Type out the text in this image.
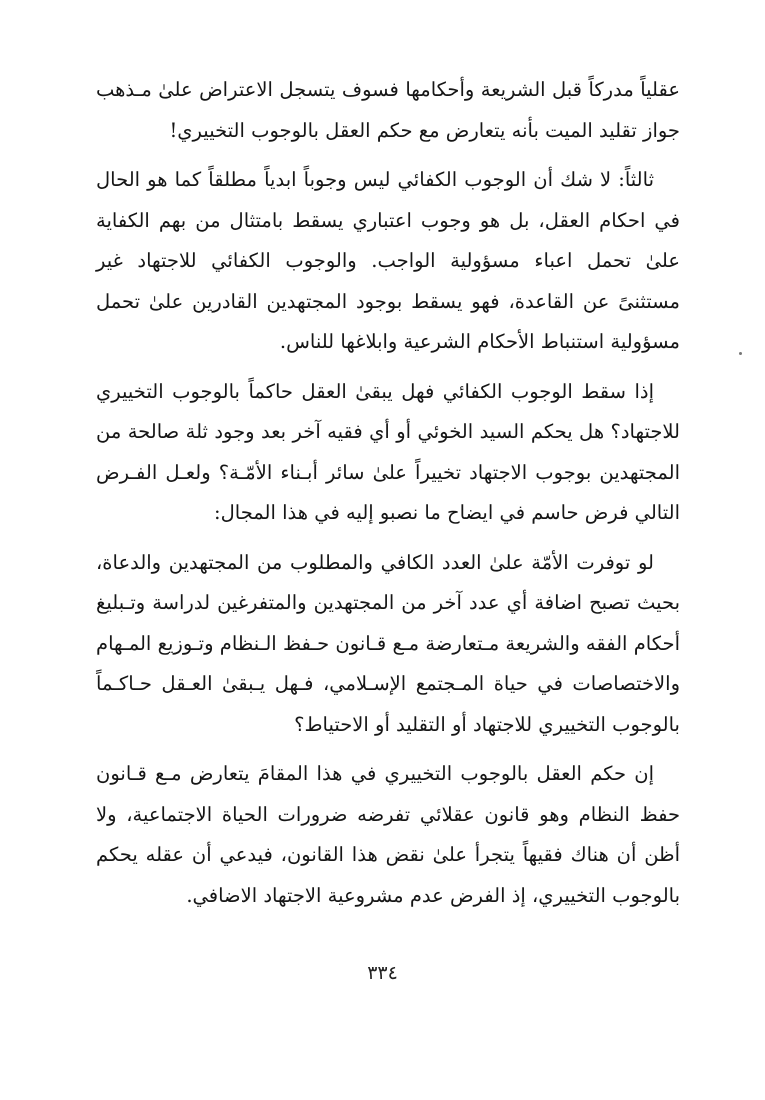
عقلياً مدركاً قبل الشريعة وأحكامها فسوف يتسجل الاعتراض علىٰ مـذهب جواز تقليد الميت بأنه يتعارض مع حكم العقل بالوجوب التخييري!

ثالثاً: لا شك أن الوجوب الكفائي ليس وجوباً ابدياً مطلقاً كما هو الحال في احكام العقل، بل هو وجوب اعتباري يسقط بامتثال من بهم الكفاية علىٰ تحمل اعباء مسؤولية الواجب. والوجوب الكفائي للاجتهاد غير مستثنىً عن القاعدة، فهو يسقط بوجود المجتهدين القادرين علىٰ تحمل مسؤولية استنباط الأحكام الشرعية وابلاغها للناس.

إذا سقط الوجوب الكفائي فهل يبقىٰ العقل حاكماً بالوجوب التخييري للاجتهاد؟ هل يحكم السيد الخوئي أو أي فقيه آخر بعد وجود ثلة صالحة من المجتهدين بوجوب الاجتهاد تخييراً علىٰ سائر أبـناء الأمّـة؟ ولعـل الفـرض التالي فرض حاسم في ايضاح ما نصبو إليه في هذا المجال:

لو توفرت الأمّة علىٰ العدد الكافي والمطلوب من المجتهدين والدعاة، بحيث تصبح اضافة أي عدد آخر من المجتهدين والمتفرغين لدراسة وتـبليغ أحكام الفقه والشريعة مـتعارضة مـع قـانون حـفظ الـنظام وتـوزيع المـهام والاختصاصات في حياة المـجتمع الإسـلامي، فـهل يـبقىٰ العـقل حـاكـماً بالوجوب التخييري للاجتهاد أو التقليد أو الاحتياط؟

إن حكم العقل بالوجوب التخييري في هذا المقامَ يتعارض مـع قـانون حفظ النظام وهو قانون عقلائي تفرضه ضرورات الحياة الاجتماعية، ولا أظن أن هناك فقيهاً يتجرأ علىٰ نقض هذا القانون، فيدعي أن عقله يحكم بالوجوب التخييري، إذ الفرض عدم مشروعية الاجتهاد الاضافي.

٣٣٤
